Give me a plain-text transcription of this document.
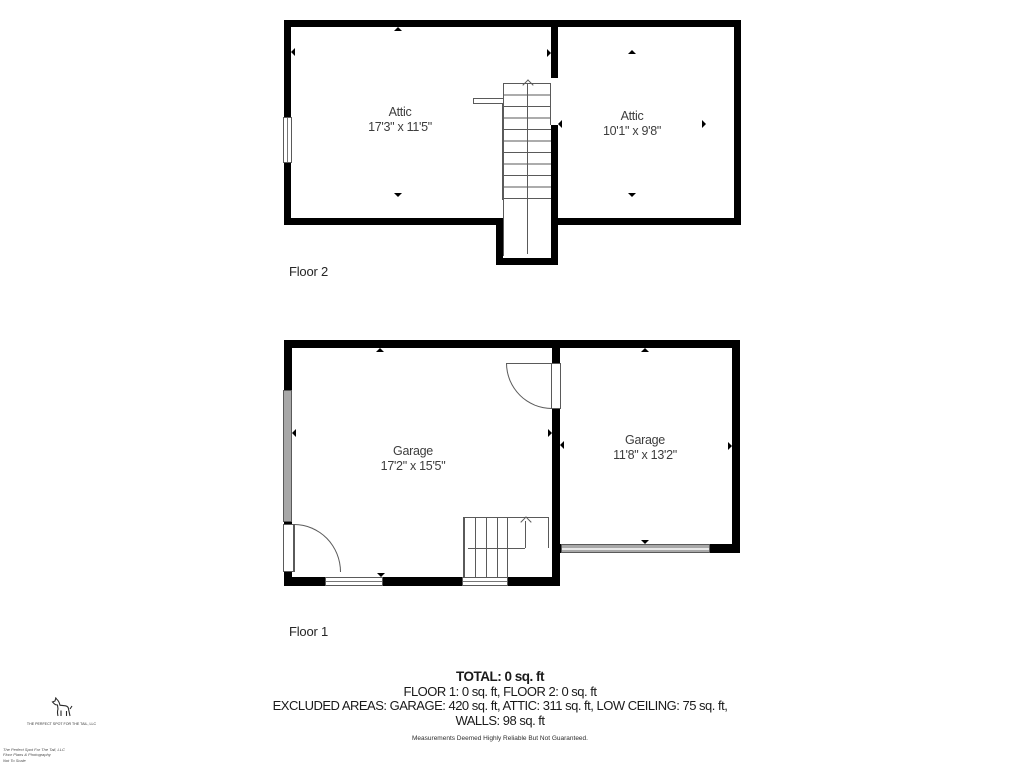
Attic
17'3" x 11'5"
Attic
10'1" x 9'8"
Floor 2
Garage
17'2" x 15'5"
Garage
11'8" x 13'2"
Floor 1
TOTAL: 0 sq. ft
FLOOR 1: 0 sq. ft, FLOOR 2: 0 sq. ft
EXCLUDED AREAS: GARAGE: 420 sq. ft, ATTIC: 311 sq. ft, LOW CEILING: 75 sq. ft,
WALLS: 98 sq. ft
Measurements Deemed Highly Reliable But Not Guaranteed.
THE PERFECT SPOT FOR THE TAIL, LLC
The Perfect Spot For The Tail, LLC
Floor Plans & Photography
Not To Scale
